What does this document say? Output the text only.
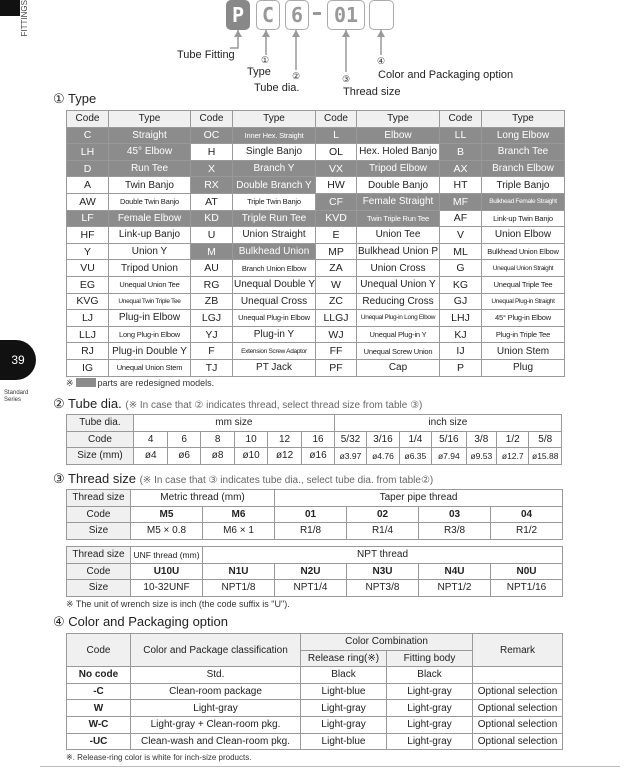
FITTINGS
39
Standard Series
P C 6	01
Tube Fitting	①
Type ②
Tube dia.
③
Thread size
④
Color and Packaging option
① Type
Code	Type	Code	Type	Code	Type	Code	Type
C	Straight	OC	Inner Hex. Straight	L	Elbow	LL	Long Elbow
LH	45° Elbow	H	Single Banjo	OL	Hex. Holed Banjo	B	Branch Tee
D	Run Tee	X	Branch Y	VX	Tripod Elbow	AX	Branch Elbow
A	Twin Banjo	RX	Double Branch Y	HW	Double Banjo	HT	Triple Banjo
AW	Double Twin Banjo	AT	Triple Twin Banjo	CF	Female Straight	MF	Bulkhead Female Straight
LF	Female Elbow	KD	Triple Run Tee	KVD	Twin Triple Run Tee	AF	Link-up Twin Banjo
HF	Link-up Banjo	U	Union Straight	E	Union Tee	V	Union Elbow
Y	Union Y	M	Bulkhead Union	MP	Bulkhead Union P	ML	Bulkhead Union Elbow
VU	Tripod Union	AU	Branch Union Elbow	ZA	Union Cross	G	Unequal Union Straight
EG	Unequal Union Tee	RG	Unequal Double Y	W	Unequal Union Y	KG	Unequal Triple Tee
KVG	Unequal Twin Triple Tee	ZB	Unequal Cross	ZC	Reducing Cross	GJ	Unequal Plug-in Straight
LJ	Plug-in Elbow	LGJ	Unequal Plug-in Elbow	LLGJ	Unequal Plug-in Long Elbow	LHJ	45° Plug-in Elbow
LLJ	Long Plug-in Elbow	YJ	Plug-in Y	WJ	Unequal Plug-in Y	KJ	Plug-in Triple Tee
RJ	Plug-in Double Y	F	Extension Screw Adaptor	FF	Unequal Screw Union	IJ	Union Stem
IG	Unequal Union Stem	TJ	PT Jack	PF	Cap	P	Plug
※	parts are redesigned models.
② Tube dia. (※ In case that ② indicates thread, select thread size from table ③)
Tube dia.	mm size						inch size						
Code	4	6	8	10	12	16	5/32	3/16	1/4	5/16	3/8	1/2	5/8
Size (mm)	ø4	ø6	ø8	ø10	ø12	ø16	ø3.97	ø4.76	ø6.35	ø7.94	ø9.53	ø12.7	ø15.88
③ Thread size (※ In case that ③ indicates tube dia., select tube dia. from table②)
Thread size	Metric thread (mm)		Taper pipe thread			
Code	M5	M6	01	02	03	04
Size	M5 × 0.8	M6 × 1	R1/8	R1/4	R3/8	R1/2
Thread size	UNF thread (mm)	NPT thread				
Code	U10U	N1U	N2U	N3U	N4U	N0U
Size	10-32UNF	NPT1/8	NPT1/4	NPT3/8	NPT1/2	NPT1/16
※ The unit of wrench size is inch (the code suffix is "U").
④ Color and Packaging option
Code	Color and Package classification	Color Combination		Remark
		Release ring(※)	Fitting body	
No code	Std.	Black	Black	
-C	Clean-room package	Light-blue	Light-gray	Optional selection
W	Light-gray	Light-gray	Light-gray	Optional selection
W-C	Light-gray + Clean-room pkg.	Light-gray	Light-gray	Optional selection
-UC	Clean-wash and Clean-room pkg.	Light-blue	Light-gray	Optional selection
※. Release-ring color is white for inch-size products.
